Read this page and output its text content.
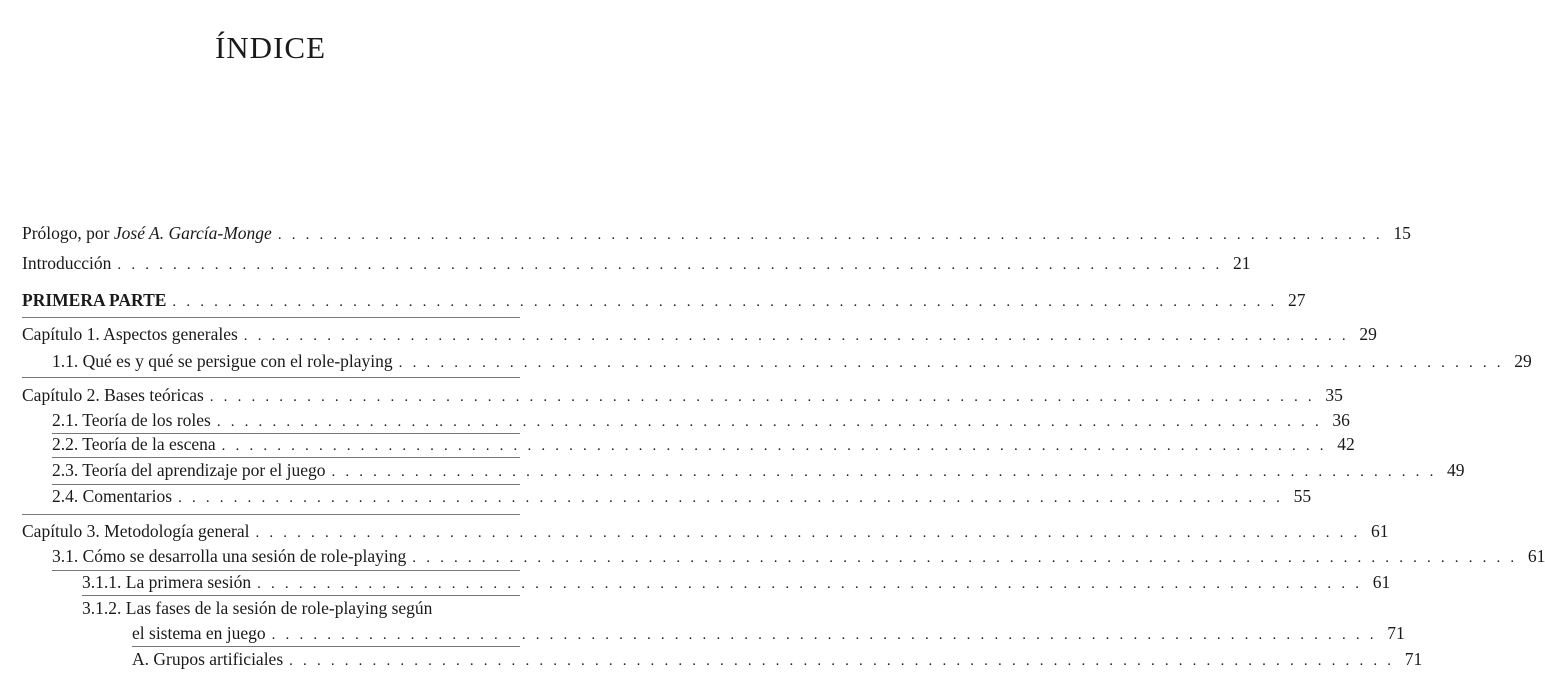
ÍNDICE
Prólogo, por José A. García-Monge . . . . . . . . . . . . . . . . . . . . . . . . . . . . . . . . . . . . . . . . . . . . . . . . . . . . . . . . . . . . . . . . . . . . . . . . . . . . . . . . 15
Introducción . . . . . . . . . . . . . . . . . . . . . . . . . . . . . . . . . . . . . . . . . . . . . . . . . . . . . . . . . . . . . . . . . . . . . . . . . . . . . . . . 21
PRIMERA PARTE . . . . . . . . . . . . . . . . . . . . . . . . . . . . . . . . . . . . . . . . . . . . . . . . . . . . . . . . . . . . . . . . . . . . . . . . . . . . . . . . 27
Capítulo 1. Aspectos generales . . . . . . . . . . . . . . . . . . . . . . . . . . . . . . . . . . . . . . . . . . . . . . . . . . . . . . . . . . . . . . . . . . . . . . . . . . . . . . . . 29
1.1. Qué es y qué se persigue con el role-playing . . . . . . . . . . . . . . . . . . . . . . . . . . . . . . . . . . . . . . . . . . . . . . . . . . . . . . . . . . . . . . . . . . . . . . . . . . . . . . . . 29
Capítulo 2. Bases teóricas . . . . . . . . . . . . . . . . . . . . . . . . . . . . . . . . . . . . . . . . . . . . . . . . . . . . . . . . . . . . . . . . . . . . . . . . . . . . . . . . 35
2.1. Teoría de los roles . . . . . . . . . . . . . . . . . . . . . . . . . . . . . . . . . . . . . . . . . . . . . . . . . . . . . . . . . . . . . . . . . . . . . . . . . . . . . . . . 36
2.2. Teoría de la escena . . . . . . . . . . . . . . . . . . . . . . . . . . . . . . . . . . . . . . . . . . . . . . . . . . . . . . . . . . . . . . . . . . . . . . . . . . . . . . . . 42
2.3. Teoría del aprendizaje por el juego . . . . . . . . . . . . . . . . . . . . . . . . . . . . . . . . . . . . . . . . . . . . . . . . . . . . . . . . . . . . . . . . . . . . . . . . . . . . . . . . 49
2.4. Comentarios . . . . . . . . . . . . . . . . . . . . . . . . . . . . . . . . . . . . . . . . . . . . . . . . . . . . . . . . . . . . . . . . . . . . . . . . . . . . . . . . 55
Capítulo 3. Metodología general . . . . . . . . . . . . . . . . . . . . . . . . . . . . . . . . . . . . . . . . . . . . . . . . . . . . . . . . . . . . . . . . . . . . . . . . . . . . . . . . 61
3.1. Cómo se desarrolla una sesión de role-playing . . . . . . . . . . . . . . . . . . . . . . . . . . . . . . . . . . . . . . . . . . . . . . . . . . . . . . . . . . . . . . . . . . . . . . . . . . . . . . . . 61
3.1.1. La primera sesión . . . . . . . . . . . . . . . . . . . . . . . . . . . . . . . . . . . . . . . . . . . . . . . . . . . . . . . . . . . . . . . . . . . . . . . . . . . . . . . . 61
3.1.2. Las fases de la sesión de role-playing según
el sistema en juego . . . . . . . . . . . . . . . . . . . . . . . . . . . . . . . . . . . . . . . . . . . . . . . . . . . . . . . . . . . . . . . . . . . . . . . . . . . . . . . . 71
A. Grupos artificiales . . . . . . . . . . . . . . . . . . . . . . . . . . . . . . . . . . . . . . . . . . . . . . . . . . . . . . . . . . . . . . . . . . . . . . . . . . . . . . . . 71
